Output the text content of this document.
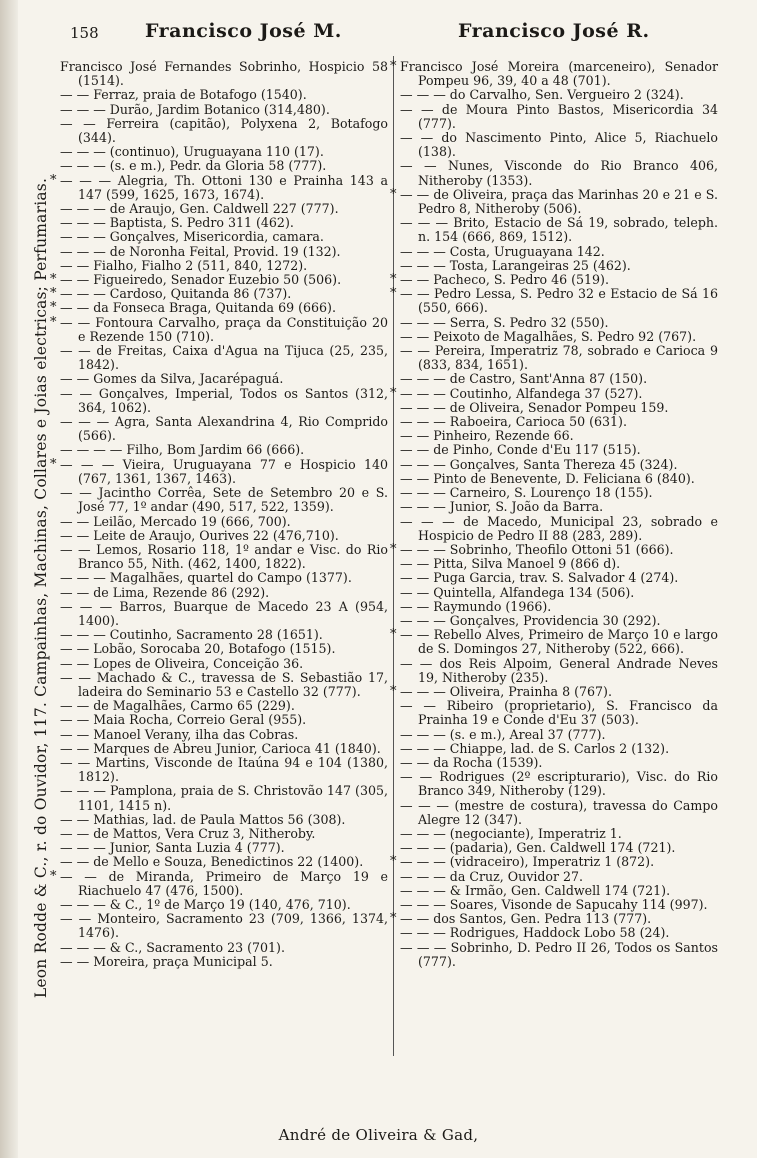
158 Francisco José M.	Francisco José R.
Leon Rodde & C., r. do Ouvidor, 117. Campainhas, Machinas, Collares e Joias electricas; Perfumarias.
Francisco José Fernandes Sobrinho, Hospicio 58 (1514).
— — Ferraz, praia de Botafogo (1540).
— — — Durão, Jardim Botanico (314,480).
— — Ferreira (capitão), Polyxena 2, Botafogo (344).
— — — (continuo), Uruguayana 110 (17).
— — — (s. e m.), Pedr. da Gloria 58 (777).
* — — — Alegria, Th. Ottoni 130 e Prainha 143 a 147 (599, 1625, 1673, 1674).
— — — de Araujo, Gen. Caldwell 227 (777).
— — — Baptista, S. Pedro 311 (462).
— — — Gonçalves, Misericordia, camara.
— — — de Noronha Feital, Provid. 19 (132).
— — Fialho, Fialho 2 (511, 840, 1272).
* — — Figueiredo, Senador Euzebio 50 (506).
* — — — Cardoso, Quitanda 86 (737).
* — — da Fonseca Braga, Quitanda 69 (666).
* — — Fontoura Carvalho, praça da Constituição 20 e Rezende 150 (710).
— — de Freitas, Caixa d'Agua na Tijuca (25, 235, 1842).
— — Gomes da Silva, Jacarépaguá.
— — Gonçalves, Imperial, Todos os Santos (312, 364, 1062).
— — — Agra, Santa Alexandrina 4, Rio Comprido (566).
— — — — Filho, Bom Jardim 66 (666).
* — — — Vieira, Uruguayana 77 e Hospicio 140 (767, 1361, 1367, 1463).
— — Jacintho Corrêa, Sete de Setembro 20 e S. José 77, 1º andar (490, 517, 522, 1359).
— — Leilão, Mercado 19 (666, 700).
— — Leite de Araujo, Ourives 22 (476,710).
— — Lemos, Rosario 118, 1º andar e Visc. do Rio Branco 55, Nith. (462, 1400, 1822).
— — — Magalhães, quartel do Campo (1377).
— — de Lima, Rezende 86 (292).
— — — Barros, Buarque de Macedo 23 A (954, 1400).
— — — Coutinho, Sacramento 28 (1651).
— — Lobão, Sorocaba 20, Botafogo (1515).
— — Lopes de Oliveira, Conceição 36.
— — Machado & C., travessa de S. Sebastião 17, ladeira do Seminario 53 e Castello 32 (777).
— — de Magalhães, Carmo 65 (229).
— — Maia Rocha, Correio Geral (955).
— — Manoel Verany, ilha das Cobras.
— — Marques de Abreu Junior, Carioca 41 (1840).
— — Martins, Visconde de Itaúna 94 e 104 (1380, 1812).
— — — Pamplona, praia de S. Christovão 147 (305, 1101, 1415 n).
— — Mathias, lad. de Paula Mattos 56 (308).
— — de Mattos, Vera Cruz 3, Nitheroby.
— — — Junior, Santa Luzia 4 (777).
— — de Mello e Souza, Benedictinos 22 (1400).
* — — de Miranda, Primeiro de Março 19 e Riachuelo 47 (476, 1500).
— — — & C., 1º de Março 19 (140, 476, 710).
— — Monteiro, Sacramento 23 (709, 1366, 1374, 1476).
— — — & C., Sacramento 23 (701).
— — Moreira, praça Municipal 5.
* Francisco José Moreira (marceneiro), Senador Pompeu 96, 39, 40 a 48 (701).
— — — do Carvalho, Sen. Vergueiro 2 (324).
— — de Moura Pinto Bastos, Misericordia 34 (777).
— — do Nascimento Pinto, Alice 5, Riachuelo (138).
— — Nunes, Visconde do Rio Branco 406, Nitheroby (1353).
* — — de Oliveira, praça das Marinhas 20 e 21 e S. Pedro 8, Nitheroby (506).
— — — Brito, Estacio de Sá 19, sobrado, teleph. n. 154 (666, 869, 1512).
— — — Costa, Uruguayana 142.
— — — Tosta, Larangeiras 25 (462).
* — — Pacheco, S. Pedro 46 (519).
* — — Pedro Lessa, S. Pedro 32 e Estacio de Sá 16 (550, 666).
— — — Serra, S. Pedro 32 (550).
— — Peixoto de Magalhães, S. Pedro 92 (767).
— — Pereira, Imperatriz 78, sobrado e Carioca 9 (833, 834, 1651).
— — — de Castro, Sant'Anna 87 (150).
* — — — Coutinho, Alfandega 37 (527).
— — — de Oliveira, Senador Pompeu 159.
— — — Raboeira, Carioca 50 (631).
— — Pinheiro, Rezende 66.
— — de Pinho, Conde d'Eu 117 (515).
— — — Gonçalves, Santa Thereza 45 (324).
— — Pinto de Benevente, D. Feliciana 6 (840).
— — — Carneiro, S. Lourenço 18 (155).
— — — Junior, S. João da Barra.
— — — de Macedo, Municipal 23, sobrado e Hospicio de Pedro II 88 (283, 289).
* — — — Sobrinho, Theofilo Ottoni 51 (666).
— — Pitta, Silva Manoel 9 (866 d).
— — Puga Garcia, trav. S. Salvador 4 (274).
— — Quintella, Alfandega 134 (506).
— — Raymundo (1966).
— — — Gonçalves, Providencia 30 (292).
* — — Rebello Alves, Primeiro de Março 10 e largo de S. Domingos 27, Nitheroby (522, 666).
— — dos Reis Alpoim, General Andrade Neves 19, Nitheroby (235).
* — — — Oliveira, Prainha 8 (767).
— — Ribeiro (proprietario), S. Francisco da Prainha 19 e Conde d'Eu 37 (503).
— — — (s. e m.), Areal 37 (777).
— — — Chiappe, lad. de S. Carlos 2 (132).
— — da Rocha (1539).
— — Rodrigues (2º escripturario), Visc. do Rio Branco 349, Nitheroby (129).
— — — (mestre de costura), travessa do Campo Alegre 12 (347).
— — — (negociante), Imperatriz 1.
— — — (padaria), Gen. Caldwell 174 (721).
* — — — (vidraceiro), Imperatriz 1 (872).
— — — da Cruz, Ouvidor 27.
— — — & Irmão, Gen. Caldwell 174 (721).
— — — Soares, Visonde de Sapucahy 114 (997).
* — — dos Santos, Gen. Pedra 113 (777).
— — — Rodrigues, Haddock Lobo 58 (24).
— — — Sobrinho, D. Pedro II 26, Todos os Santos (777).
André de Oliveira & Gad,
